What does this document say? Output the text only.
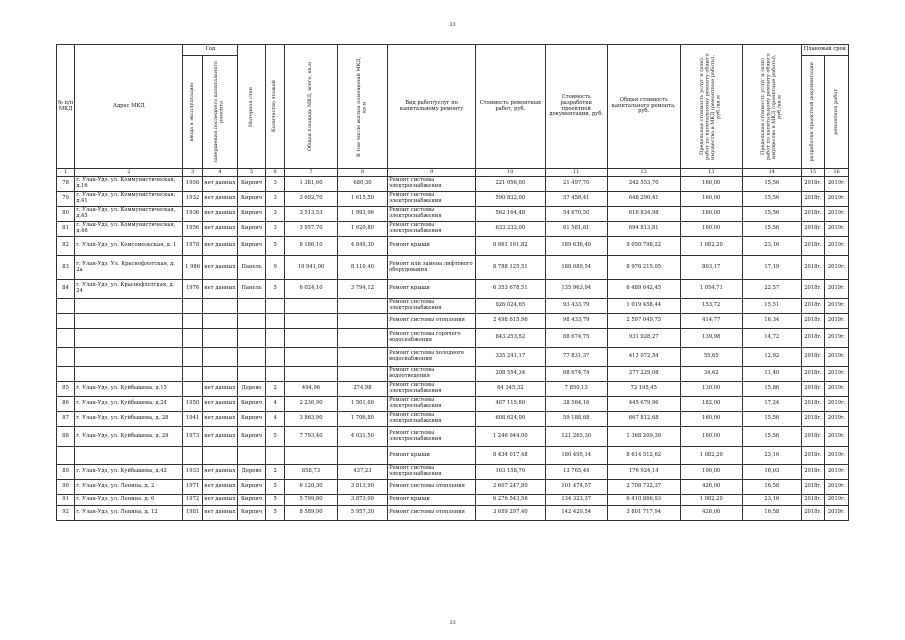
33
№ п/п МКД	Адрес МКД	Год		Материал стен	Количество этажей	Общая площадь МКД, всего, кв.м	В том числе жилых помещений МКД, кв.м	Вид работ/услуг по капитальному ремонту	Стоимость ремонтных работ, руб.	Стоимость разработки проектной документации, руб.	Общая стоимость капитального ремонта, руб.	Предельная стоимость услуг и (или) работ по капитальному ремонту общего имущества в МКД (ремонтные работы), руб./кв.м	Предельная стоимость услуг и (или) работ по капитальному ремонту общего имущества в МКД (проектные работы), руб./кв.м	Плановый срок	

		ввода в эксплуатацию	завершения последнего капитального ремонта											разработки проектной документации	ремонтных работ

1	2	3	4	5	6	7	8	9	10	11	12	13	14	15	16
78	г. Улан-Удэ, ул. Коммунистическая, д.16	1956	нет данных	Кирпич	3	1 381,60	680,30	Ремонт системы электроснабжения	221 056,00	21 497,70	242 553,70	160,00	15,56	2018г.	2019г.
79	г. Улан-Удэ, ул. Коммунистическая, д.41	1932	нет данных	Кирпич	3	3 692,70	1 615,50	Ремонт системы электроснабжения	590 832,00	57 458,41	648 290,41	160,00	15,56	2018г.	2019г.
80	г. Улан-Удэ, ул. Коммунистическая, д.45	1936	нет данных	Кирпич	3	3 513,53	1 993,96	Ремонт системы электроснабжения	562 164,48	54 670,50	616 834,98	160,00	15,56	2018г.	2019г.
81	г. Улан-Удэ, ул. Коммунистическая, д.46	1956	нет данных	Кирпич	3	3 957,70	1 620,80	Ремонт системы электроснабжения	633 232,00	61 581,81	694 813,81	160,00	15,56	2018г.	2019г.
82	г. Улан-Удэ, ул. Комсомольская, д. 1	1978	нет данных	Кирпич	5	8 186,10	4 849,30	Ремонт крыши	8 861 161,82	189 636,40	9 050 798,22	1 082,20	23,16	2018г.	2019г.
83	г. Улан-Удэ, Ул. Краснофлотская, д. 2а	1 986	нет данных	Панель	9	10 941,00	8 110,40	Ремонт или замена лифтового оборудования	8 788 125,51	188 089,54	8 976 215,05	803,17	17,19	2018г.	2019г.
84	г. Улан-Удэ, ул. Краснофлотская, д. 24	1976	нет данных	Панель	5	6 024,10	3 794,12	Ремонт крыши	6 353 678,51	135 963,94	6 489 642,45	1 054,71	22,57	2018г.	2019г.
								Ремонт системы электроснабжения	926 024,65	93 433,79	1 019 458,44	153,72	15,51	2018г.	2019г.
								Ремонт системы отопления	2 498 615,96	98 433,79	2 597 049,75	414,77	16,34	2018г.	2019г.
								Ремонт системы горячего водоснабжения	843 253,52	88 674,75	931 928,27	139,98	14,72	2018г.	2019г.
								Ремонт системы холодного водоснабжения	335 241,17	77 831,37	413 072,54	55,65	12,92	2018г.	2019г.
								Ремонт системы водоотведения	208 554,34	68 674,74	277 229,08	34,62	11,40	2018г.	2019г.
85	г. Улан-Удэ, ул. Куйбышева, д.15		нет данных	Дерево	2	494,96	274,98	Ремонт системы электроснабжения	64 345,32	7 850,13	72 195,45	130,00	15,86	2018г.	2019г.
86	г. Улан-Удэ, ул. Куйбышева, д.24	1950	нет данных	Кирпич	4	2 236,90	1 501,60	Ремонт системы электроснабжения	407 115,80	38 564,16	445 679,96	182,00	17,24	2018г.	2019г.
87	г. Улан-Удэ, ул. Куйбышева, д. 28	1941	нет данных	Кирпич	4	3 863,90	1 706,80	Ремонт системы электроснабжения	608 624,00	59 188,68	667 812,68	160,00	15,56	2018г.	2019г.
88	г. Улан-Удэ, ул. Куйбышева, д. 29	1973	нет данных	Кирпич	5	7 793,40	4 031,50	Ремонт системы электроснабжения	1 246 944,00	121 265,30	1 368 209,30	160,00	15,56	2018г.	2019г.
								Ремонт крыши	8 434 017,48	180 495,14	8 614 512,62	1 082,20	23,16	2018г.	2019г.
89	г. Улан-Удэ, ул. Куйбышева, д.42	1933	нет данных	Дерево	2	858,73	437,23	Ремонт системы электроснабжения	163 158,70	13 765,44	176 924,14	190,00	16,03	2018г.	2019г.
90	г. Улан-Удэ, ул. Ленина, д. 2	1971	нет данных	Кирпич	5	6 120,30	3 813,90	Ремонт системы отопления	2 607 247,80	101 474,57	2 708 722,37	426,00	16,58	2018г.	2019г.
91	г. Улан-Удэ, ул. Ленина, д. 6	1972	нет данных	Кирпич	5	5 799,80	3 873,00	Ремонт крыши	6 276 543,56	134 323,37	6 410 866,93	1 082,20	23,16	2018г.	2019г.
92	г. Улан-Удэ, ул. Ленина, д. 12	1981	нет данных	Кирпич	5	8 589,90	5 957,30	Ремонт системы отопления	3 659 297,40	142 420,54	3 801 717,94	426,00	16,58	2018г.	2019г.
33
